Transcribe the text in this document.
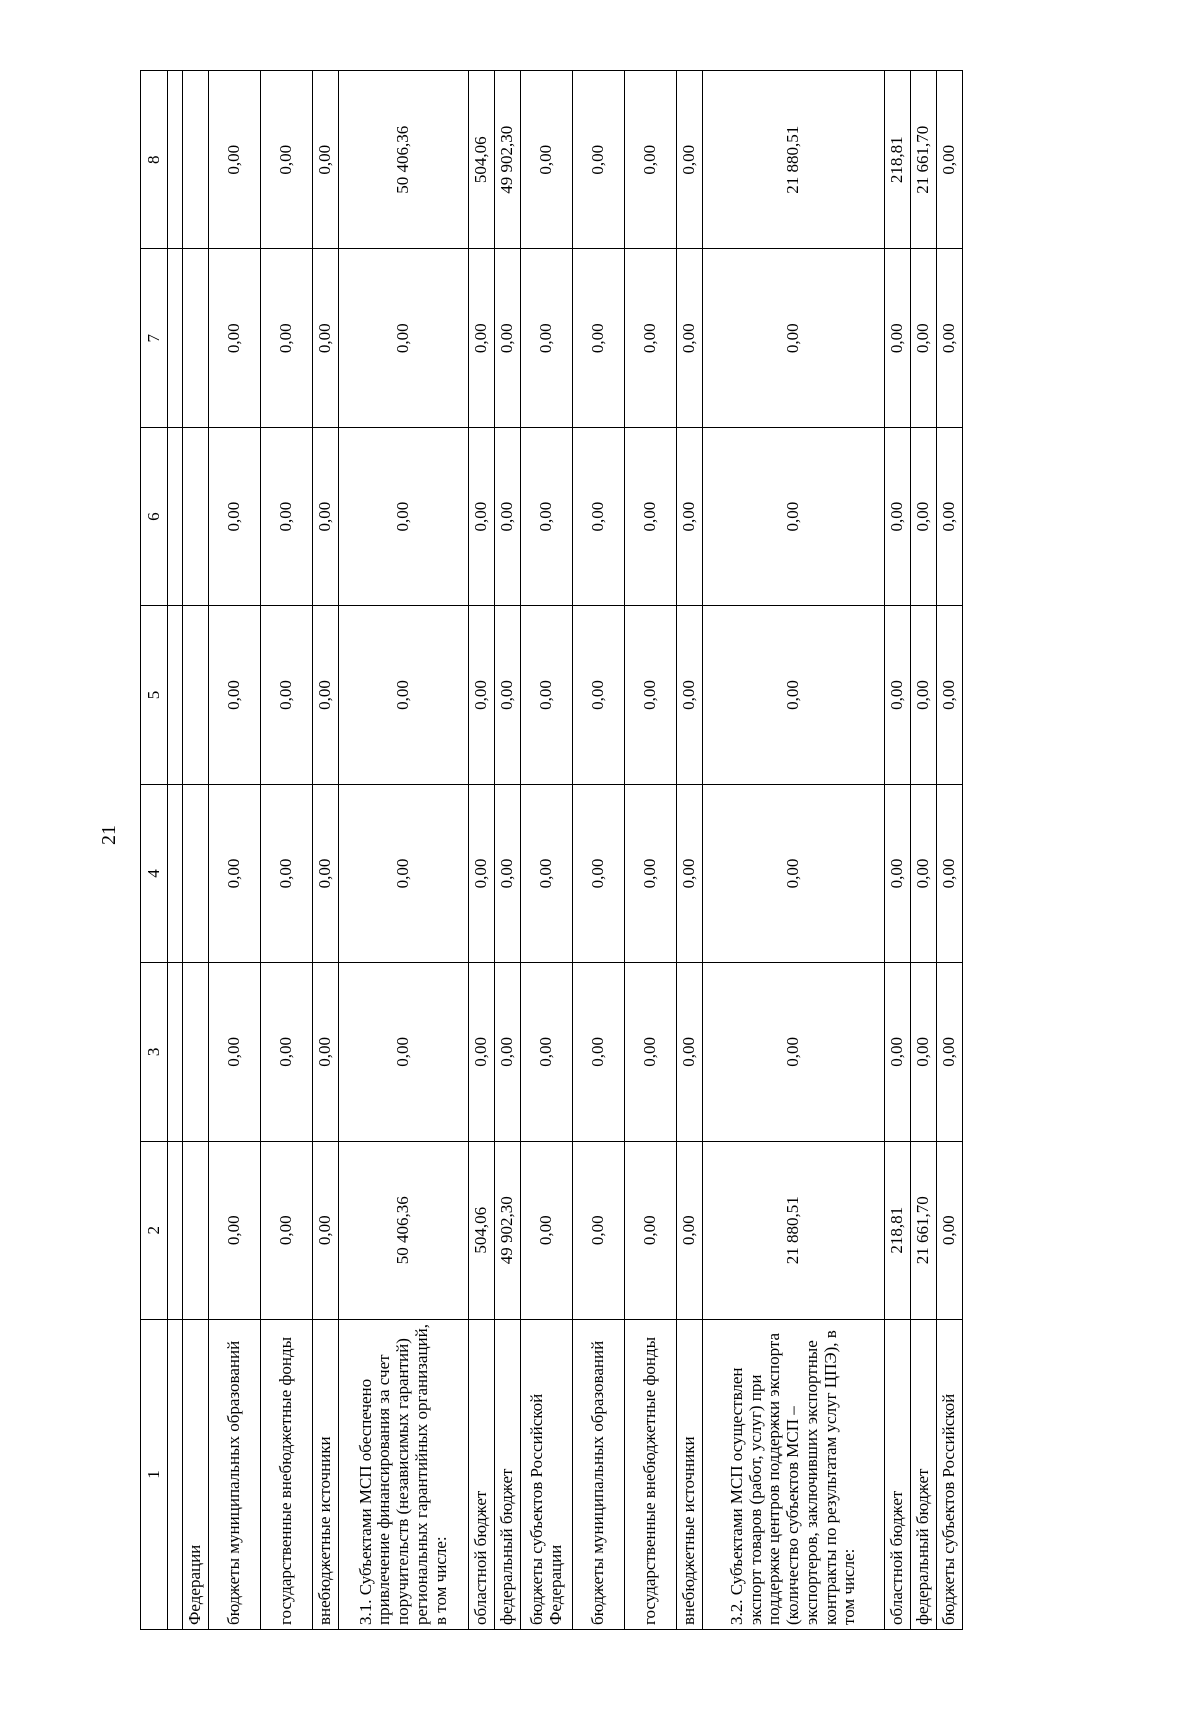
21
1	2	3	4	5	6	7	8

Федерации							
бюджеты муниципальных образований	0,00	0,00	0,00	0,00	0,00	0,00	0,00
государственные внебюджетные фонды	0,00	0,00	0,00	0,00	0,00	0,00	0,00
внебюджетные источники	0,00	0,00	0,00	0,00	0,00	0,00	0,00
3.1. Субъектами МСП обеспечено привлечение финансирования за счет поручительств (независимых гарантий) региональных гарантийных организаций, в том числе:	50 406,36	0,00	0,00	0,00	0,00	0,00	50 406,36
областной бюджет	504,06	0,00	0,00	0,00	0,00	0,00	504,06
федеральный бюджет	49 902,30	0,00	0,00	0,00	0,00	0,00	49 902,30
бюджеты субъектов Российской Федерации	0,00	0,00	0,00	0,00	0,00	0,00	0,00
бюджеты муниципальных образований	0,00	0,00	0,00	0,00	0,00	0,00	0,00
государственные внебюджетные фонды	0,00	0,00	0,00	0,00	0,00	0,00	0,00
внебюджетные источники	0,00	0,00	0,00	0,00	0,00	0,00	0,00
3.2. Субъектами МСП осуществлен экспорт товаров (работ, услуг) при поддержке центров поддержки экспорта (количество субъектов МСП – экспортеров, заключивших экспортные контракты по результатам услуг ЦПЭ), в том числе:	21 880,51	0,00	0,00	0,00	0,00	0,00	21 880,51
областной бюджет	218,81	0,00	0,00	0,00	0,00	0,00	218,81
федеральный бюджет	21 661,70	0,00	0,00	0,00	0,00	0,00	21 661,70
бюджеты субъектов Российской	0,00	0,00	0,00	0,00	0,00	0,00	0,00
